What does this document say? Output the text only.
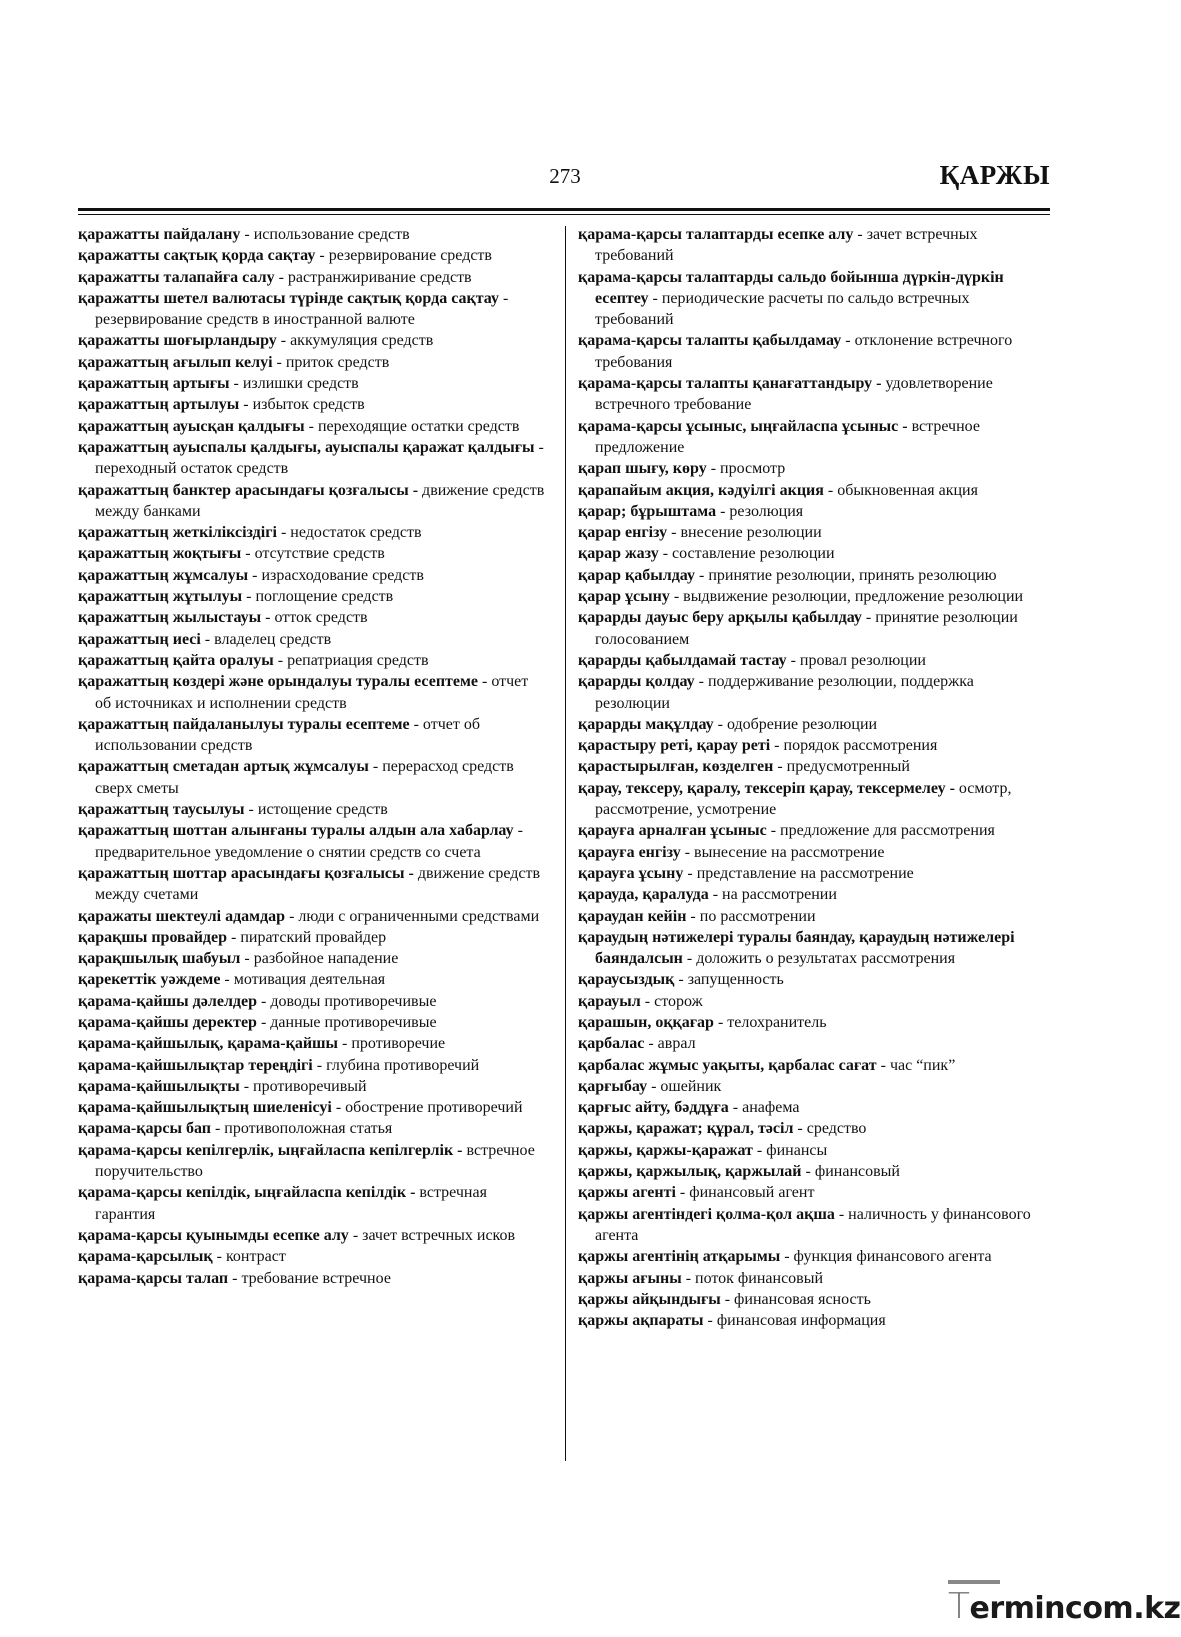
273	ҚАРЖЫ

қаражатты пайдалану - использование средств

қаражатты сақтық қорда сақтау - резервирование средств

қаражатты талапайға салу - растранжиривание средств

қаражатты шетел валютасы түрінде сақтық қорда сақтау - резервирование средств в иностранной валюте

қаражатты шоғырландыру - аккумуляция средств

қаражаттың ағылып келуі - приток средств

қаражаттың артығы - излишки средств

қаражаттың артылуы - избыток средств

қаражаттың ауысқан қалдығы - переходящие остатки средств

қаражаттың ауыспалы қалдығы, ауыспалы қаражат қалдығы - переходный остаток средств

қаражаттың банктер арасындағы қозғалысы - движение средств между банками

қаражаттың жеткіліксіздігі - недостаток средств

қаражаттың жоқтығы - отсутствие средств

қаражаттың жұмсалуы - израсходование средств

қаражаттың жұтылуы - поглощение средств

қаражаттың жылыстауы - отток средств

қаражаттың иесі - владелец средств

қаражаттың қайта оралуы - репатриация средств

қаражаттың көздері және орындалуы туралы есептеме - отчет об источниках и исполнении средств

қаражаттың пайдаланылуы туралы есептеме - отчет об использовании средств

қаражаттың сметадан артық жұмсалуы - перерасход средств сверх сметы

қаражаттың таусылуы - истощение средств

қаражаттың шоттан алынғаны туралы алдын ала хабарлау - предварительное уведомление о снятии средств со счета

қаражаттың шоттар арасындағы қозғалысы - движение средств между счетами

қаражаты шектеулі адамдар - люди с ограниченными средствами

қарақшы провайдер - пиратский провайдер

қарақшылық шабуыл - разбойное нападение

қарекеттік уәждеме - мотивация деятельная

қарама-қайшы дәлелдер - доводы противоречивые

қарама-қайшы деректер - данные противоречивые

қарама-қайшылық, қарама-қайшы - противоречие

қарама-қайшылықтар тереңдігі - глубина противоречий

қарама-қайшылықты - противоречивый

қарама-қайшылықтың шиеленісуі - обострение противоречий

қарама-қарсы бап - противоположная статья

қарама-қарсы кепілгерлік, ыңғайласпа кепілгерлік - встречное поручительство

қарама-қарсы кепілдік, ыңғайласпа кепілдік - встречная гарантия

қарама-қарсы қуынымды есепке алу - зачет встречных исков

қарама-қарсылық - контраст

қарама-қарсы талап - требование встречное

қарама-қарсы талаптарды есепке алу - зачет встречных требований

қарама-қарсы талаптарды сальдо бойынша дүркін-дүркін есептеу - периодические расчеты по сальдо встречных требований

қарама-қарсы талапты қабылдамау - отклонение встречного требования

қарама-қарсы талапты қанағаттандыру - удовлетворение встречного требование

қарама-қарсы ұсыныс, ыңғайласпа ұсыныс - встречное предложение

қарап шығу, көру - просмотр

қарапайым акция, кәдуілгі акция - обыкновенная акция

қарар; бұрыштама - резолюция

қарар енгізу - внесение резолюции

қарар жазу - составление резолюции

қарар қабылдау - принятие резолюции, принять резолюцию

қарар ұсыну - выдвижение резолюции, предложение резолюции

қарарды дауыс беру арқылы қабылдау - принятие резолюции голосованием

қарарды қабылдамай тастау - провал резолюции

қарарды қолдау - поддерживание резолюции, поддержка резолюции

қарарды мақұлдау - одобрение резолюции

қарастыру реті, қарау реті - порядок рассмотрения

қарастырылған, көзделген - предусмотренный

қарау, тексеру, қаралу, тексеріп қарау, тексермелеу - осмотр, рассмотрение, усмотрение

қарауға арналған ұсыныс - предложение для рассмотрения

қарауға енгізу - вынесение на рассмотрение

қарауға ұсыну - представление на рассмотрение

қарауда, қаралуда - на рассмотрении

қараудан кейін - по рассмотрении

қараудың нәтижелері туралы баяндау, қараудың нәтижелері баяндалсын - доложить о результатах рассмотрения

қараусыздық - запущенность

қарауыл - сторож

қарашын, оққағар - телохранитель

қарбалас - аврал

қарбалас жұмыс уақыты, қарбалас сағат - час “пик”

қарғыбау - ошейник

қарғыс айту, бәддұға - анафема

қаржы, қаражат; құрал, тәсіл - средство

қаржы, қаржы-қаражат - финансы

қаржы, қаржылық, қаржылай - финансовый

қаржы агенті - финансовый агент

қаржы агентіндегі қолма-қол ақша - наличность у финансового агента

қаржы агентінің атқарымы - функция финансового агента

қаржы ағыны - поток финансовый

қаржы айқындығы - финансовая ясность

қаржы ақпараты - финансовая информация

Termincom.kz
